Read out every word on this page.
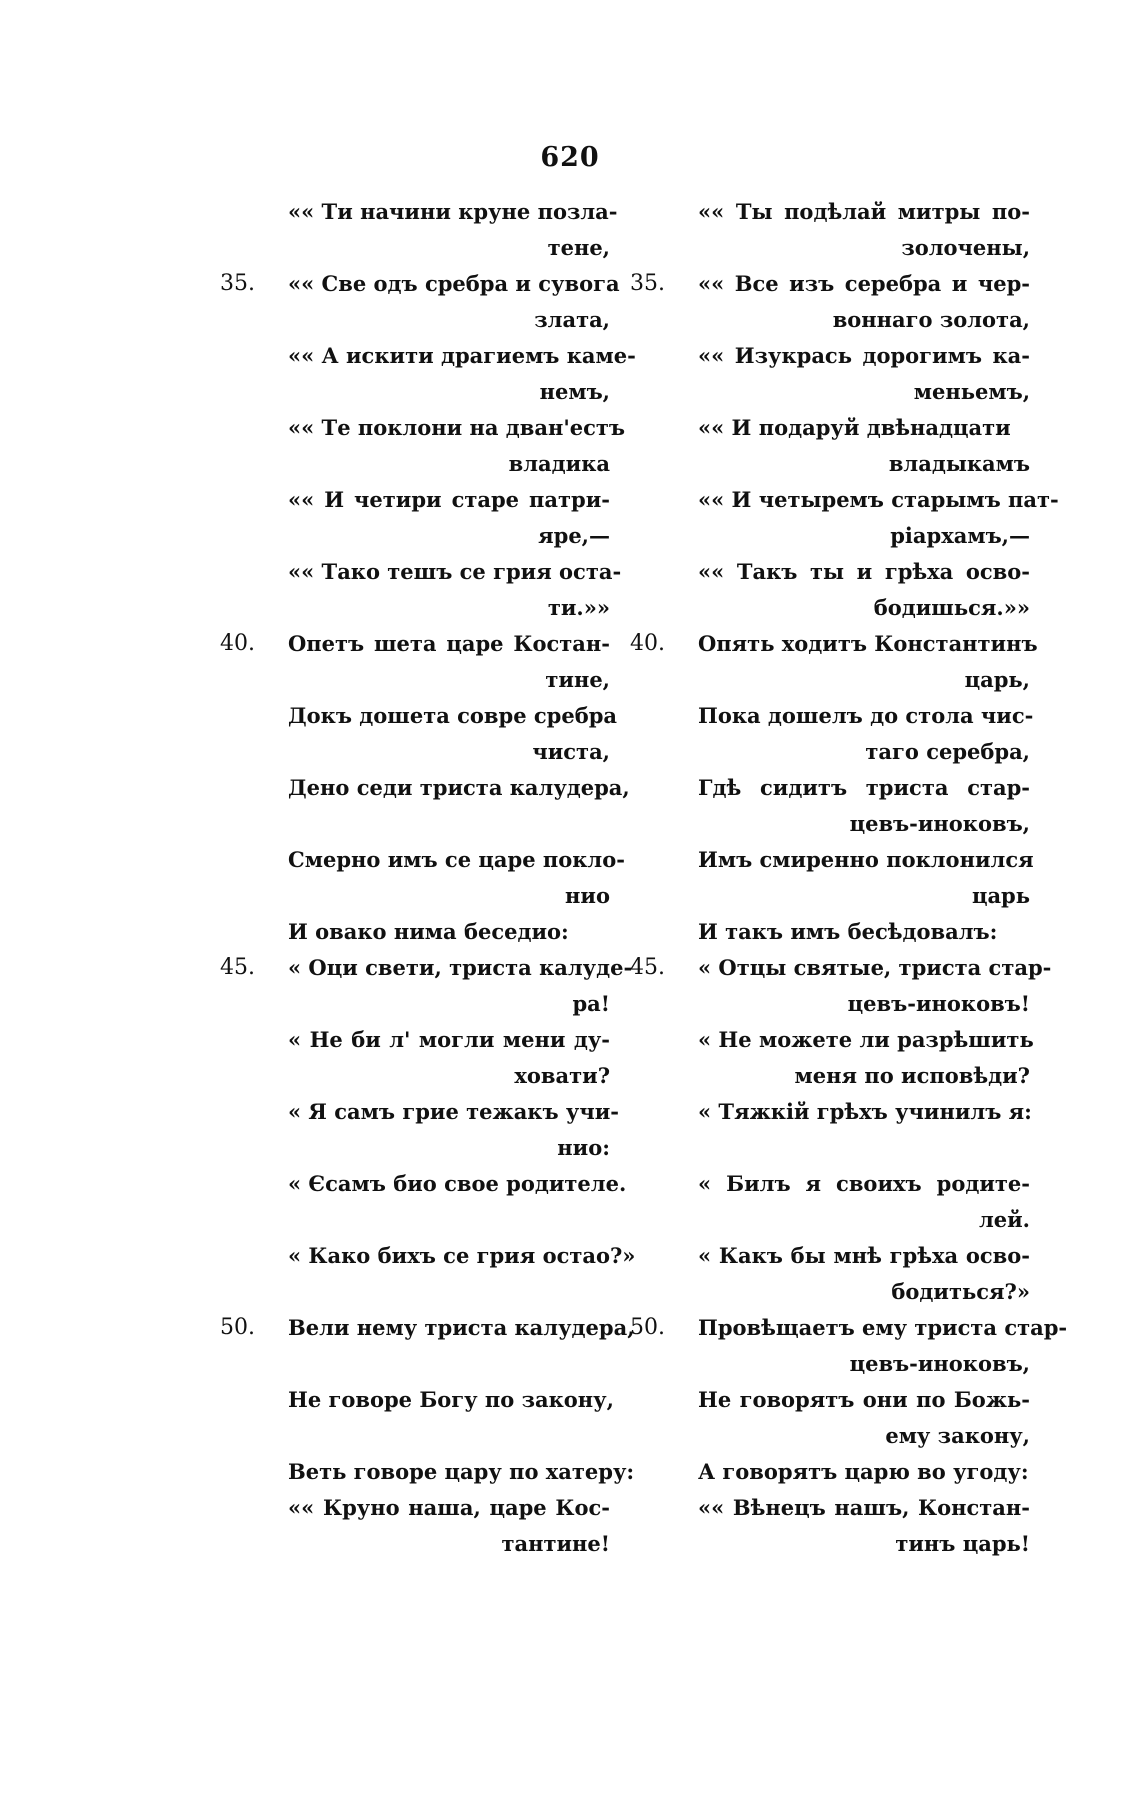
620
«« Ти начини круне позла-
тене,
35.	«« Све одъ сребра и сувога
злата,
«« А искити драгиемъ каме-
немъ,
«« Те поклони на дван'естъ
владика
«« И четири старе патри-
яре,—
«« Тако тешъ се грия оста-
ти.»»
40.	Опетъ шета царе Костан-
тине,
Докъ дошета совре сребра
чиста,
Дено седи триста калудера,
Смерно имъ се царе покло-
нио
И овако нима беседио:
45.	« Оци свети, триста калуде-
ра!
« Не би л' могли мени ду-
ховати?
« Я самъ грие тежакъ учи-
нио:
« Єсамъ био свое родителе.
« Како бихъ се грия остао?»
50.	Вели нему триста калудера,
Не говоре Богу по закону,
Веть говоре цару по хатеру:
«« Круно наша, царе Кос-
тантине!
«« Ты подѣлай митры по-
золочены,
35.	«« Все изъ серебра и чер-
воннаго золота,
«« Изукрась дорогимъ ка-
меньемъ,
«« И подаруй двѣнадцати
владыкамъ
«« И четыремъ старымъ пат-
ріархамъ,—
«« Такъ ты и грѣха осво-
бодишься.»»
40.	Опять ходитъ Константинъ
царь,
Пока дошелъ до стола чис-
таго серебра,
Гдѣ сидитъ триста стар-
цевъ-иноковъ,
Имъ смиренно поклонился
царь
И такъ имъ бесѣдовалъ:
45.	« Отцы святые, триста стар-
цевъ-иноковъ!
« Не можете ли разрѣшить
меня по исповѣди?
« Тяжкій грѣхъ учинилъ я:
« Билъ я своихъ родите-
лей.
« Какъ бы мнѣ грѣха осво-
бодиться?»
50.	Провѣщаетъ ему триста стар-
цевъ-иноковъ,
Не говорятъ они по Божь-
ему закону,
А говорятъ царю во угоду:
«« Вѣнецъ нашъ, Констан-
тинъ царь!
